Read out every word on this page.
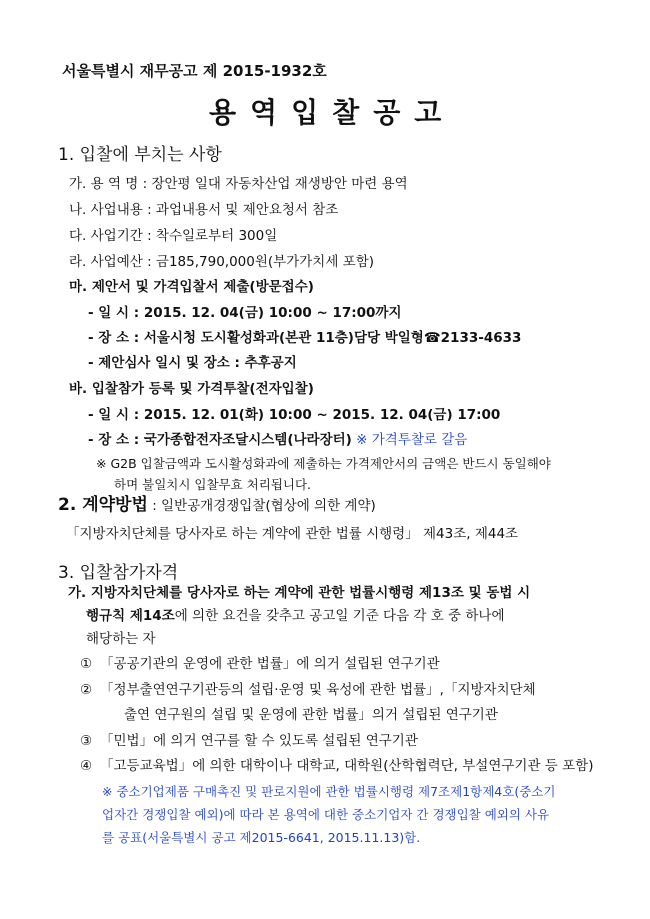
서울특별시 재무공고 제 2015-1932호
용역입찰공고
1. 입찰에 부치는 사항
가. 용 역 명 : 장안평 일대 자동차산업 재생방안 마련 용역
나. 사업내용 : 과업내용서 및 제안요청서 참조
다. 사업기간 : 착수일로부터 300일
라. 사업예산 : 금185,790,000원(부가가치세 포함)
마. 제안서 및 가격입찰서 제출(방문접수)
- 일 시 : 2015. 12. 04(금) 10:00 ~ 17:00까지
- 장 소 : 서울시청 도시활성화과(본관 11층)담당 박일형☎2133-4633
- 제안심사 일시 및 장소 : 추후공지
바. 입찰참가 등록 및 가격투찰(전자입찰)
- 일 시 : 2015. 12. 01(화) 10:00 ~ 2015. 12. 04(금) 17:00
- 장 소 : 국가종합전자조달시스템(나라장터) ※ 가격투찰로 갈음
※ G2B 입찰금액과 도시활성화과에 제출하는 가격제안서의 금액은 반드시 동일해야
하며 불일치시 입찰무효 처리됩니다.
2. 계약방법 : 일반공개경쟁입찰(협상에 의한 계약)
「지방자치단체를 당사자로 하는 계약에 관한 법률 시행령」 제43조, 제44조
3. 입찰참가자격
가. 지방자치단체를 당사자로 하는 계약에 관한 법률시행령 제13조 및 동법 시
행규칙 제14조에 의한 요건을 갖추고 공고일 기준 다음 각 호 중 하나에
해당하는 자
① 「공공기관의 운영에 관한 법률」에 의거 설립된 연구기관
② 「정부출연연구기관등의 설립·운영 및 육성에 관한 법률」,「지방자치단체
출연 연구원의 설립 및 운영에 관한 법률」의거 설립된 연구기관
③ 「민법」에 의거 연구를 할 수 있도록 설립된 연구기관
④ 「고등교육법」에 의한 대학이나 대학교, 대학원(산학협력단, 부설연구기관 등 포함)
※ 중소기업제품 구매촉진 및 판로지원에 관한 법률시행령 제7조제1항제4호(중소기
업자간 경쟁입찰 예외)에 따라 본 용역에 대한 중소기업자 간 경쟁입찰 예외의 사유
를 공표(서울특별시 공고 제2015-6641, 2015.11.13)함.
